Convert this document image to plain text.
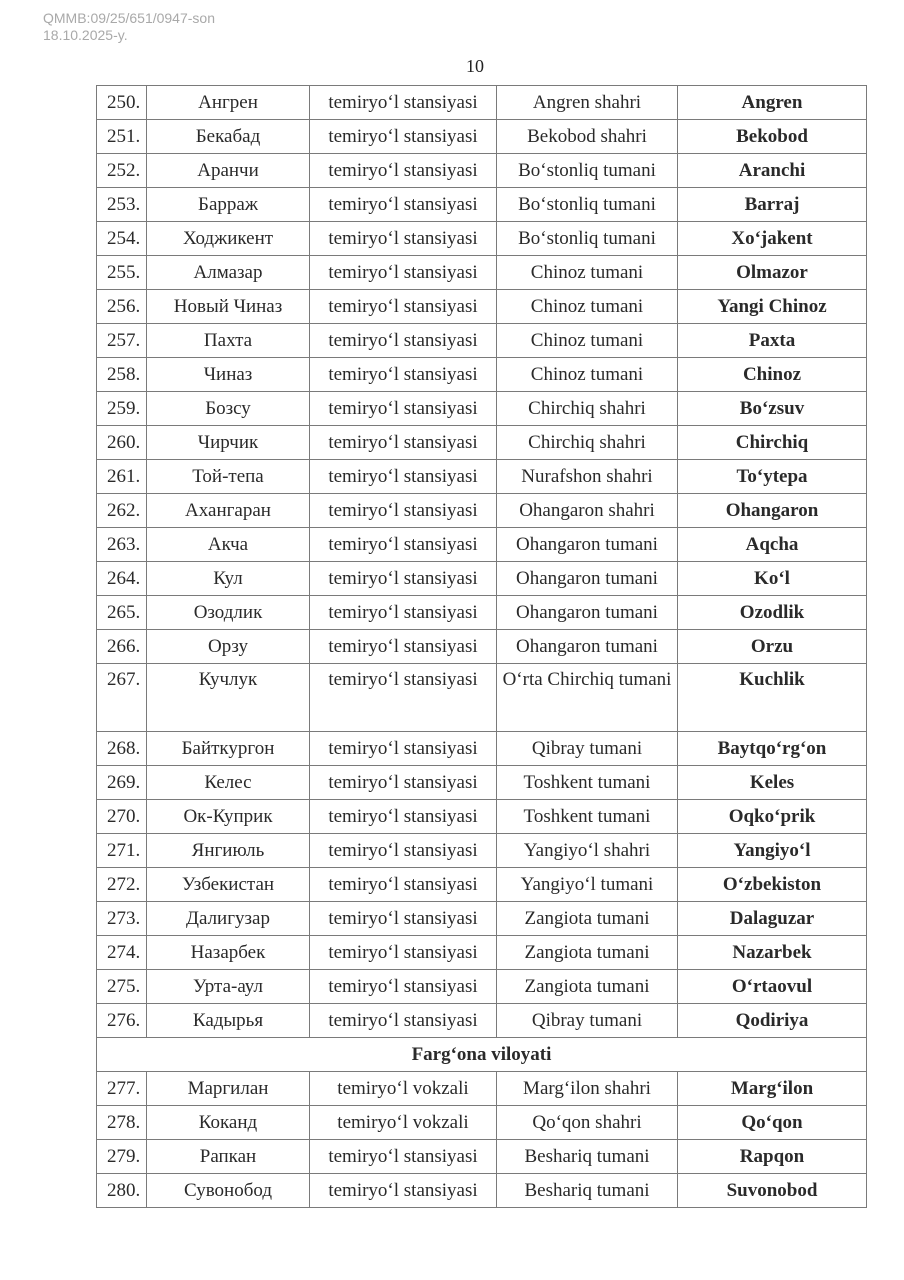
QMMB:09/25/651/0947-son
18.10.2025-y.
10
250.	Ангрен	temiryo‘l stansiyasi	Angren shahri	Angren
251.	Бекабад	temiryo‘l stansiyasi	Bekobod shahri	Bekobod
252.	Аранчи	temiryo‘l stansiyasi	Bo‘stonliq tumani	Aranchi
253.	Барраж	temiryo‘l stansiyasi	Bo‘stonliq tumani	Barraj
254.	Ходжикент	temiryo‘l stansiyasi	Bo‘stonliq tumani	Xo‘jakent
255.	Алмазар	temiryo‘l stansiyasi	Chinoz tumani	Olmazor
256.	Новый Чиназ	temiryo‘l stansiyasi	Chinoz tumani	Yangi Chinoz
257.	Пахта	temiryo‘l stansiyasi	Chinoz tumani	Paxta
258.	Чиназ	temiryo‘l stansiyasi	Chinoz tumani	Chinoz
259.	Бозсу	temiryo‘l stansiyasi	Chirchiq shahri	Bo‘zsuv
260.	Чирчик	temiryo‘l stansiyasi	Chirchiq shahri	Chirchiq
261.	Той-тепа	temiryo‘l stansiyasi	Nurafshon shahri	To‘ytepa
262.	Ахангаран	temiryo‘l stansiyasi	Ohangaron shahri	Ohangaron
263.	Акча	temiryo‘l stansiyasi	Ohangaron tumani	Aqcha
264.	Кул	temiryo‘l stansiyasi	Ohangaron tumani	Ko‘l
265.	Озодлик	temiryo‘l stansiyasi	Ohangaron tumani	Ozodlik
266.	Орзу	temiryo‘l stansiyasi	Ohangaron tumani	Orzu
267.	Кучлук	temiryo‘l stansiyasi	O‘rta Chirchiq tumani	Kuchlik
268.	Байткургон	temiryo‘l stansiyasi	Qibray tumani	Baytqo‘rg‘on
269.	Келес	temiryo‘l stansiyasi	Toshkent tumani	Keles
270.	Ок-Куприк	temiryo‘l stansiyasi	Toshkent tumani	Oqko‘prik
271.	Янгиюль	temiryo‘l stansiyasi	Yangiyo‘l shahri	Yangiyo‘l
272.	Узбекистан	temiryo‘l stansiyasi	Yangiyo‘l tumani	O‘zbekiston
273.	Далигузар	temiryo‘l stansiyasi	Zangiota tumani	Dalaguzar
274.	Назарбек	temiryo‘l stansiyasi	Zangiota tumani	Nazarbek
275.	Урта-аул	temiryo‘l stansiyasi	Zangiota tumani	O‘rtaovul
276.	Кадырья	temiryo‘l stansiyasi	Qibray tumani	Qodiriya
Farg‘ona viloyati				
277.	Маргилан	temiryo‘l vokzali	Marg‘ilon shahri	Marg‘ilon
278.	Коканд	temiryo‘l vokzali	Qo‘qon shahri	Qo‘qon
279.	Рапкан	temiryo‘l stansiyasi	Beshariq tumani	Rapqon
280.	Сувонобод	temiryo‘l stansiyasi	Beshariq tumani	Suvonobod
